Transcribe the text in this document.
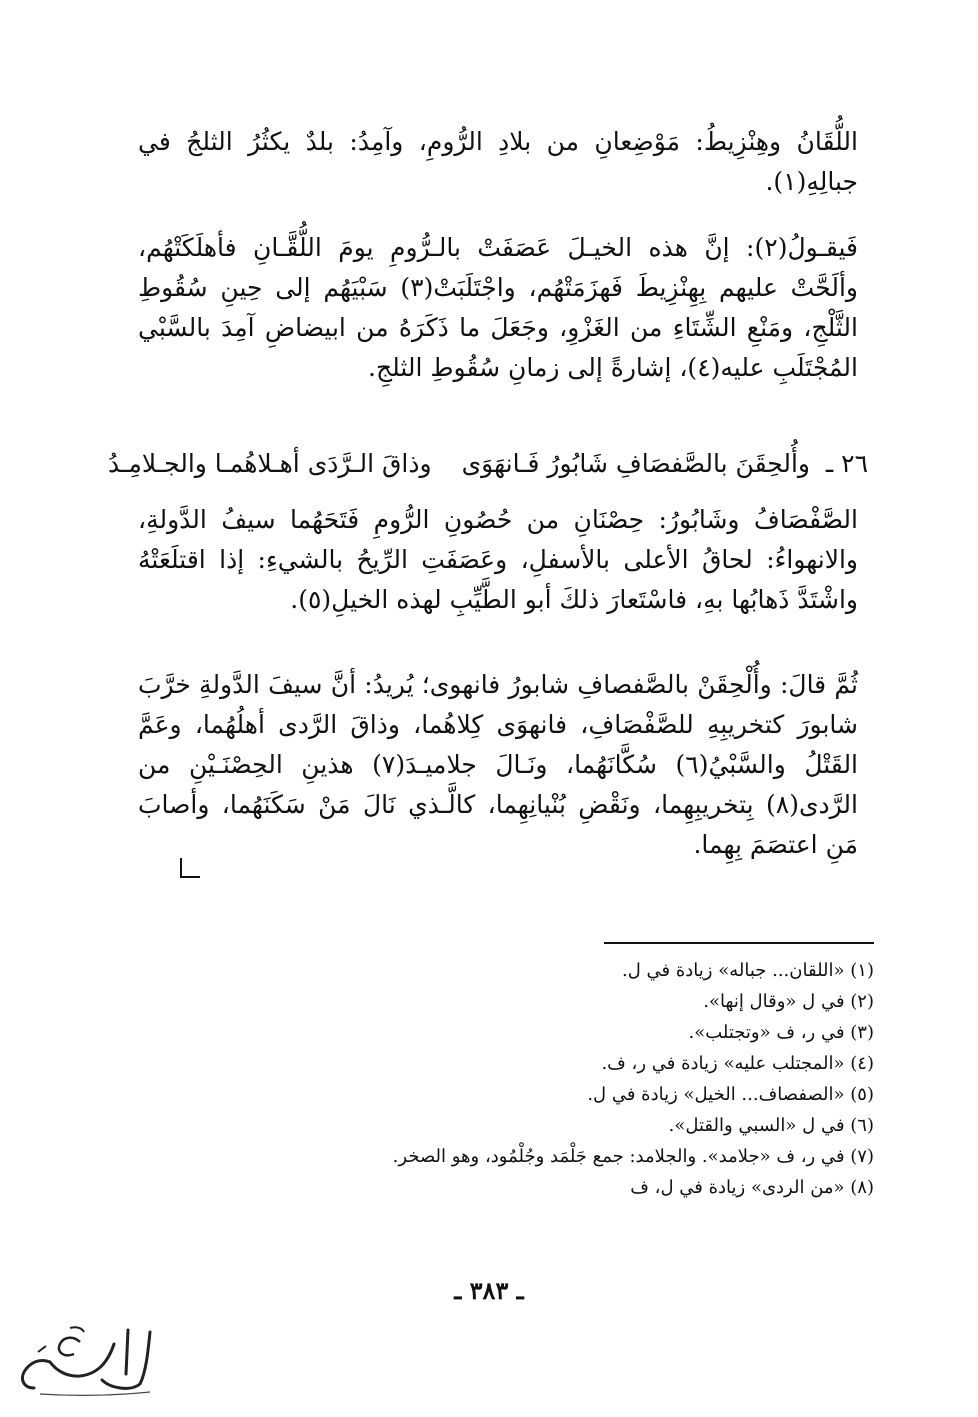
اللُّقَانُ وهِنْزِيطُ: مَوْضِعانِ من بلادِ الرُّومِ، وآمِدُ: بلدٌ يكثُرُ الثلجُ في جبالِهِ(١).

فَيقـولُ(٢): إنَّ هذه الخيـلَ عَصَفَتْ بالـرُّومِ يومَ اللُّقَّـانِ فأهلَكَتْهُم، وألَحَّتْ عليهم بِهِنْزِيطَ فَهزَمَتْهُم، واجْتَلَبَتْ(٣) سَبْيَهُم إلى حِينِ سُقُوطِ الثَّلْجِ، ومَنْعِ الشِّتَاءِ من الغَزْوِ، وجَعَلَ ما ذَكَرَهُ من ابيضاضِ آمِدَ بالسَّبْي المُجْتَلَبِ عليه(٤)، إشارةً إلى زمانِ سُقُوطِ الثلجِ.

٢٦ ـ
وأُلحِقَنَ بالصَّفصَافِ شَابُورُ فَـانهَوَى
وذاقَ الـرَّدَى أهـلاهُمـا والجـلامِـدُ

الصَّفْصَافُ وشَابُورُ: حِصْنَانِ من حُصُونِ الرُّومِ فَتَحَهُما سيفُ الدَّولةِ، والانهواءُ: لحاقُ الأعلى بالأسفلِ، وعَصَفَتِ الرِّيحُ بالشيءِ: إذا اقتلَعَتْهُ واشْتَدَّ ذَهابُها بهِ، فاسْتَعارَ ذلكَ أبو الطَّيِّبِ لهذه الخيلِ(٥).

ثُمَّ قالَ: وأُلْحِقَنْ بالصَّفصافِ شابورُ فانهوى؛ يُريدُ: أنَّ سيفَ الدَّولةِ خرَّبَ شابورَ كتخريبِهِ للصَّفْصَافِ، فانهوَى كِلاهُما، وذاقَ الرَّدى أهلُهُما، وعَمَّ القَتْلُ والسَّبْيُ(٦) سُكَّانَهُما، ونَـالَ جلاميـدَ(٧) هذينِ الحِصْنَـيْنِ من الرَّدى(٨) بِتخريبِهِما، ونَقْضِ بُنْيانِهِما، كالَّـذي نَالَ مَنْ سَكَنَهُما، وأصابَ مَنِ اعتصَمَ بِهِما.

(١) «اللقان... جباله» زيادة في ل.
(٢) في ل «وقال إنها».
(٣) في ر، ف «وتجتلب».
(٤) «المجتلب عليه» زيادة في ر، ف.
(٥) «الصفصاف... الخيل» زيادة في ل.
(٦) في ل «السبي والقتل».
(٧) في ر، ف «جلامد». والجلامد: جمع جَلْمَد وجُلْمُود، وهو الصخر.
(٨) «من الردى» زيادة في ل، ف
ـ ٣٨٣ ـ
